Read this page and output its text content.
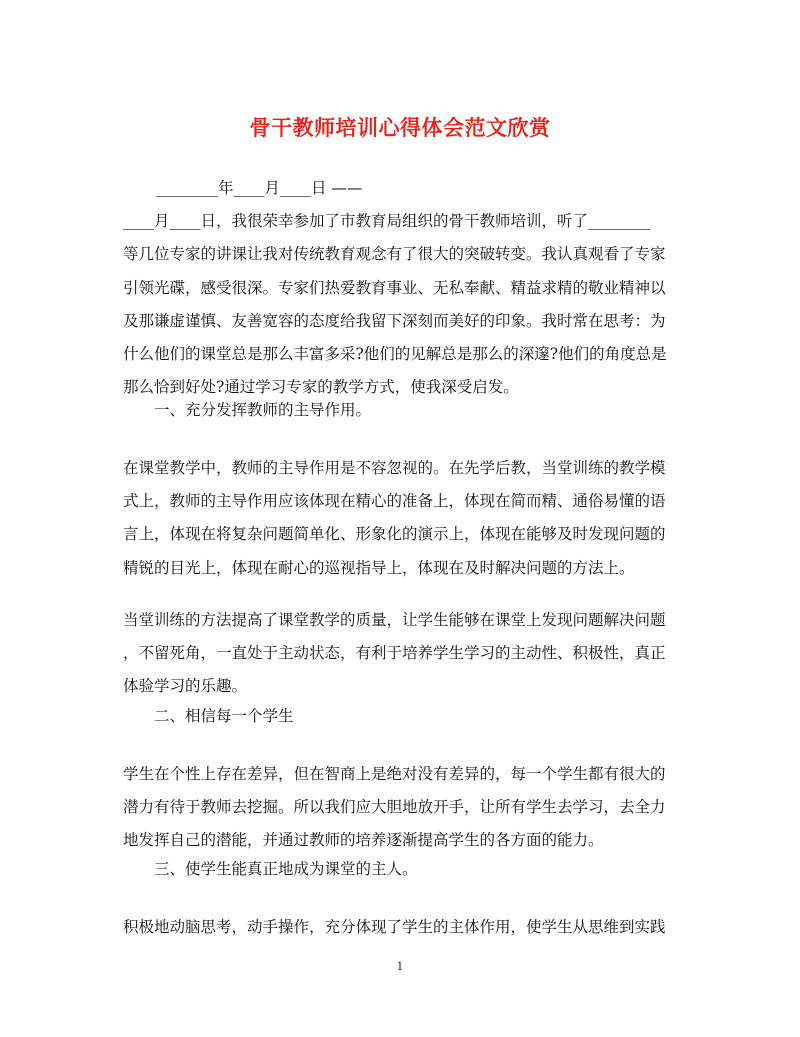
骨干教师培训心得体会范文欣赏
________年____月____日 ——
____月____日，我很荣幸参加了市教育局组织的骨干教师培训，听了________
等几位专家的讲课让我对传统教育观念有了很大的突破转变。我认真观看了专家
引领光碟，感受很深。专家们热爱教育事业、无私奉献、精益求精的敬业精神以
及那谦虚谨慎、友善宽容的态度给我留下深刻而美好的印象。我时常在思考：为
什么他们的课堂总是那么丰富多采?他们的见解总是那么的深邃?他们的角度总是
那么恰到好处?通过学习专家的教学方式，使我深受启发。
一、充分发挥教师的主导作用。
在课堂教学中，教师的主导作用是不容忽视的。在先学后教，当堂训练的教学模
式上，教师的主导作用应该体现在精心的准备上，体现在简而精、通俗易懂的语
言上，体现在将复杂问题简单化、形象化的演示上，体现在能够及时发现问题的
精锐的目光上，体现在耐心的巡视指导上，体现在及时解决问题的方法上。
当堂训练的方法提高了课堂教学的质量，让学生能够在课堂上发现问题解决问题
，不留死角，一直处于主动状态，有利于培养学生学习的主动性、积极性，真正
体验学习的乐趣。
二、相信每一个学生
学生在个性上存在差异，但在智商上是绝对没有差异的，每一个学生都有很大的
潜力有待于教师去挖掘。所以我们应大胆地放开手，让所有学生去学习，去全力
地发挥自己的潜能，并通过教师的培养逐渐提高学生的各方面的能力。
三、使学生能真正地成为课堂的主人。
积极地动脑思考，动手操作，充分体现了学生的主体作用，使学生从思维到实践
1
